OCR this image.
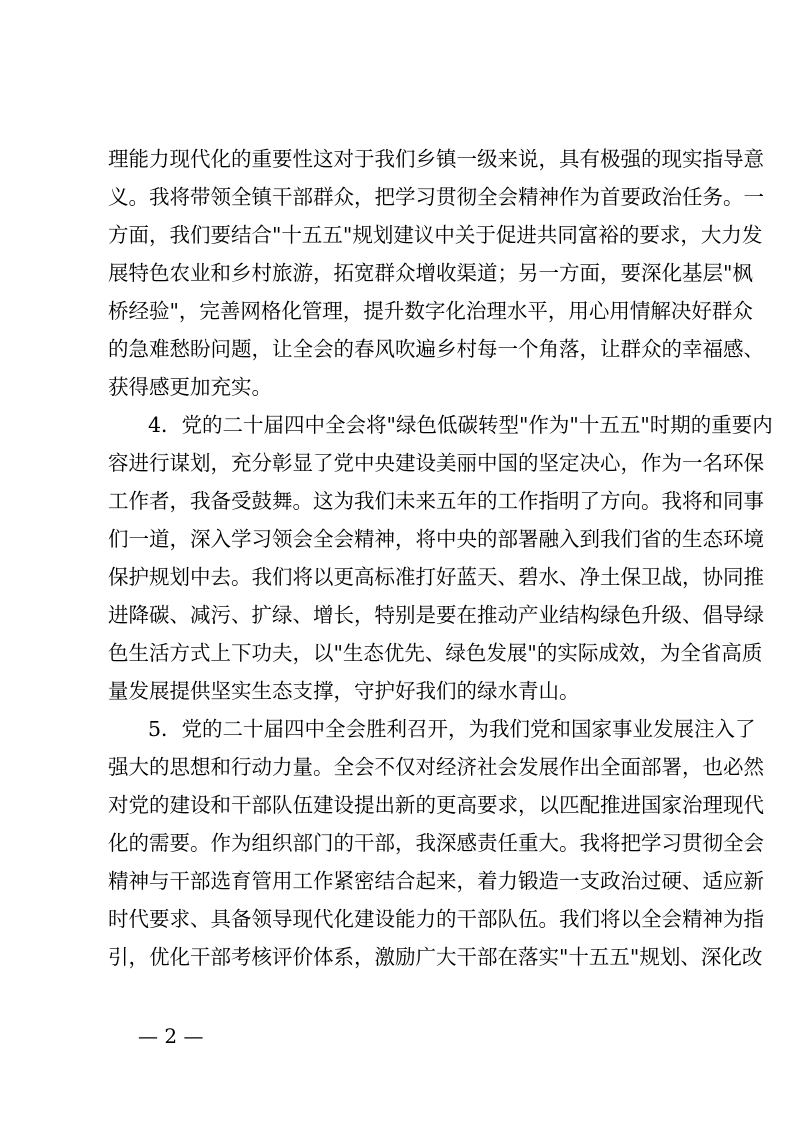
理能力现代化的重要性这对于我们乡镇一级来说，具有极强的现实指导意
义。我将带领全镇干部群众，把学习贯彻全会精神作为首要政治任务。一
方面，我们要结合"十五五"规划建议中关于促进共同富裕的要求，大力发
展特色农业和乡村旅游，拓宽群众增收渠道；另一方面，要深化基层"枫
桥经验"，完善网格化管理，提升数字化治理水平，用心用情解决好群众
的急难愁盼问题，让全会的春风吹遍乡村每一个角落，让群众的幸福感、
获得感更加充实。
4．党的二十届四中全会将"绿色低碳转型"作为"十五五"时期的重要内
容进行谋划，充分彰显了党中央建设美丽中国的坚定决心，作为一名环保
工作者，我备受鼓舞。这为我们未来五年的工作指明了方向。我将和同事
们一道，深入学习领会全会精神，将中央的部署融入到我们省的生态环境
保护规划中去。我们将以更高标准打好蓝天、碧水、净土保卫战，协同推
进降碳、减污、扩绿、增长，特别是要在推动产业结构绿色升级、倡导绿
色生活方式上下功夫，以"生态优先、绿色发展"的实际成效，为全省高质
量发展提供坚实生态支撑，守护好我们的绿水青山。
5．党的二十届四中全会胜利召开，为我们党和国家事业发展注入了
强大的思想和行动力量。全会不仅对经济社会发展作出全面部署，也必然
对党的建设和干部队伍建设提出新的更高要求，以匹配推进国家治理现代
化的需要。作为组织部门的干部，我深感责任重大。我将把学习贯彻全会
精神与干部选育管用工作紧密结合起来，着力锻造一支政治过硬、适应新
时代要求、具备领导现代化建设能力的干部队伍。我们将以全会精神为指
引，优化干部考核评价体系，激励广大干部在落实"十五五"规划、深化改
— 2 —
